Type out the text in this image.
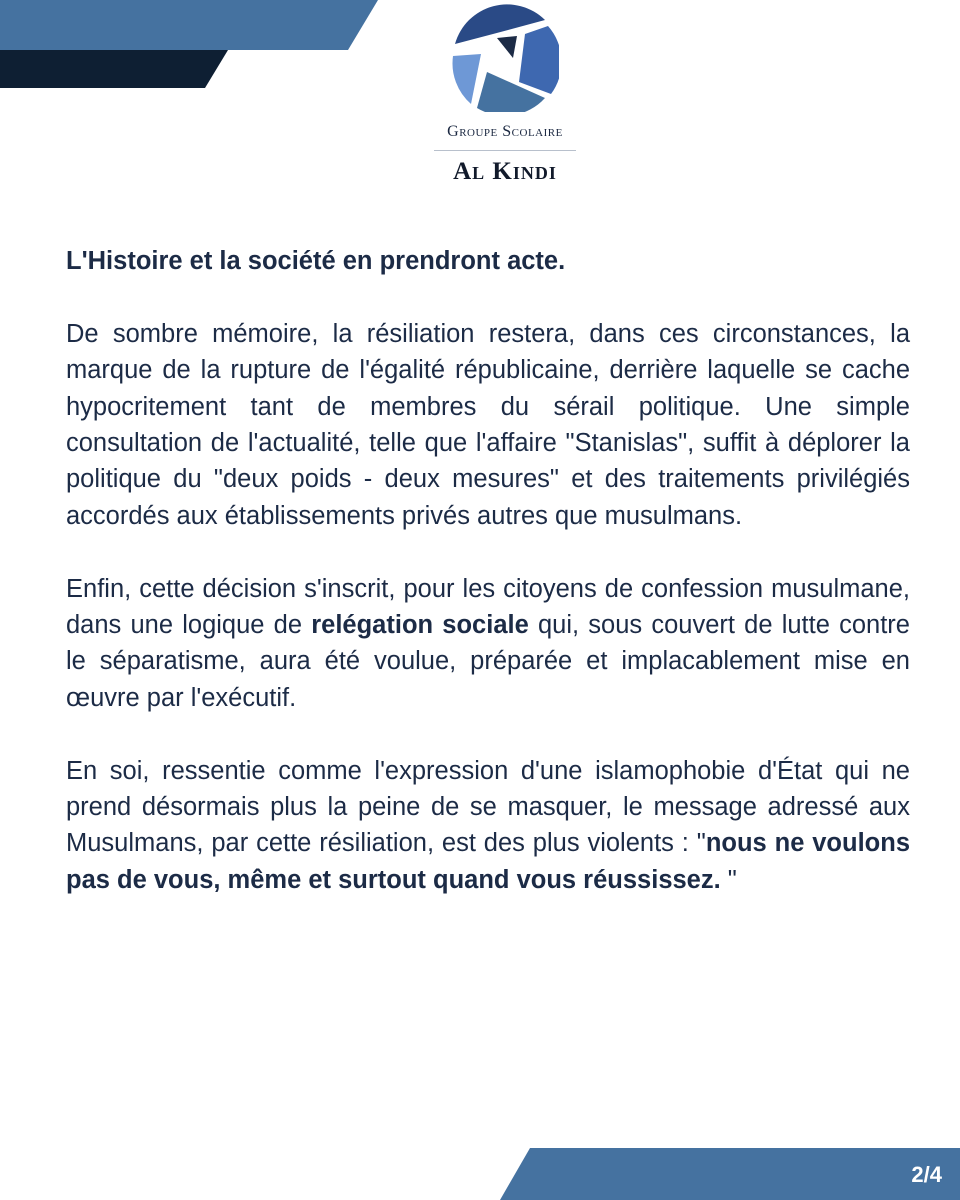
Groupe Scolaire
Al Kindi

L'Histoire et la société en prendront acte.

De sombre mémoire, la résiliation restera, dans ces circonstances, la marque de la rupture de l'égalité républicaine, derrière laquelle se cache hypocritement tant de membres du sérail politique. Une simple consultation de l'actualité, telle que l'affaire "Stanislas", suffit à déplorer la politique du "deux poids - deux mesures" et des traitements privilégiés accordés aux établissements privés autres que musulmans.

Enfin, cette décision s'inscrit, pour les citoyens de confession musulmane, dans une logique de relégation sociale qui, sous couvert de lutte contre le séparatisme, aura été voulue, préparée et implacablement mise en œuvre par l'exécutif.

En soi, ressentie comme l'expression d'une islamophobie d'État qui ne prend désormais plus la peine de se masquer, le message adressé aux Musulmans, par cette résiliation, est des plus violents : "nous ne voulons pas de vous, même et surtout quand vous réussissez. "

2/4
